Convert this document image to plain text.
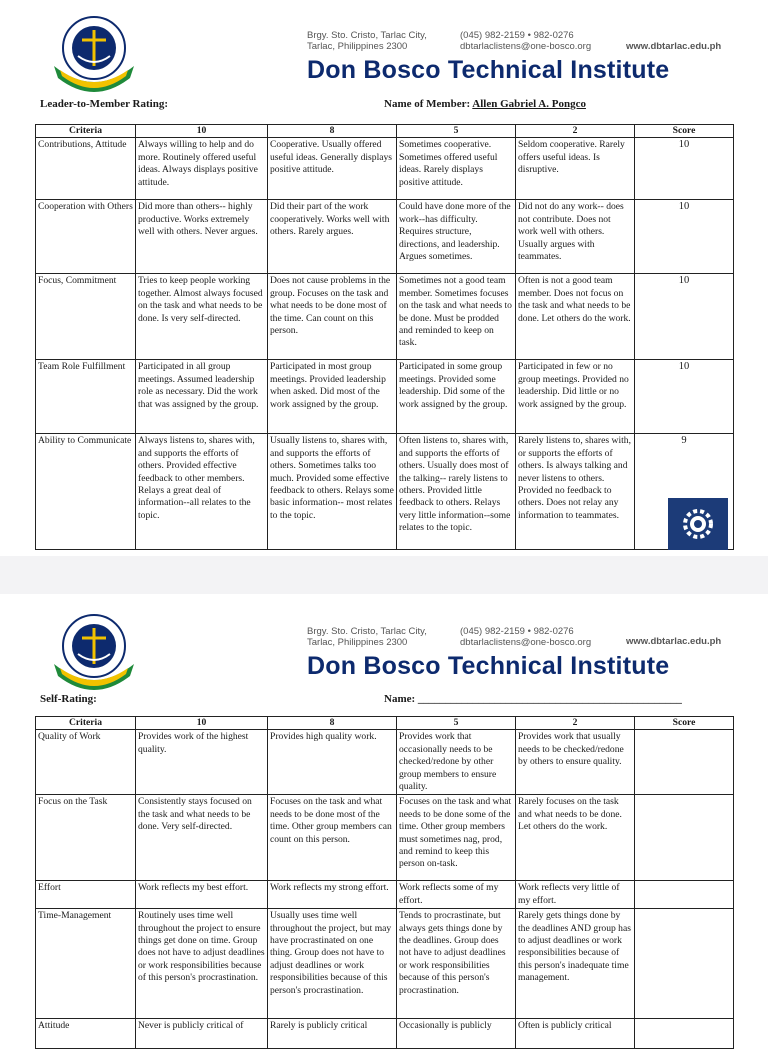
Brgy. Sto. Cristo, Tarlac City,
Tarlac, Philippines 2300
(045) 982-2159 • 982-0276
dbtarlaclistens@one-bosco.org	www.dbtarlac.edu.ph
Don Bosco Technical Institute
Leader-to-Member Rating:	Name of Member: Allen Gabriel A. Pongco
Criteria	10	8	5	2	Score
Contributions, Attitude	Always willing to help and do more. Routinely offered useful ideas. Always displays positive attitude.	Cooperative. Usually offered useful ideas. Generally displays positive attitude.	Sometimes cooperative. Sometimes offered useful ideas. Rarely displays positive attitude.	Seldom cooperative. Rarely offers useful ideas. Is disruptive.	10
Cooperation with Others	Did more than others-- highly productive. Works extremely well with others. Never argues.	Did their part of the work cooperatively. Works well with others. Rarely argues.	Could have done more of the work--has difficulty. Requires structure, directions, and leadership. Argues sometimes.	Did not do any work-- does not contribute. Does not work well with others. Usually argues with teammates.	10
Focus, Commitment	Tries to keep people working together. Almost always focused on the task and what needs to be done. Is very self-directed.	Does not cause problems in the group. Focuses on the task and what needs to be done most of the time. Can count on this person.	Sometimes not a good team member. Sometimes focuses on the task and what needs to be done. Must be prodded and reminded to keep on task.	Often is not a good team member. Does not focus on the task and what needs to be done. Let others do the work.	10
Team Role Fulfillment	Participated in all group meetings. Assumed leadership role as necessary. Did the work that was assigned by the group.	Participated in most group meetings. Provided leadership when asked. Did most of the work assigned by the group.	Participated in some group meetings. Provided some leadership. Did some of the work assigned by the group.	Participated in few or no group meetings. Provided no leadership. Did little or no work assigned by the group.	10
Ability to Communicate	Always listens to, shares with, and supports the efforts of others. Provided effective feedback to other members. Relays a great deal of information--all relates to the topic.	Usually listens to, shares with, and supports the efforts of others. Sometimes talks too much. Provided some effective feedback to others. Relays some basic information-- most relates to the topic.	Often listens to, shares with, and supports the efforts of others. Usually does most of the talking-- rarely listens to others. Provided little feedback to others. Relays very little information--some relates to the topic.	Rarely listens to, shares with, or supports the efforts of others. Is always talking and never listens to others. Provided no feedback to others. Does not relay any information to teammates.	9
Brgy. Sto. Cristo, Tarlac City,
Tarlac, Philippines 2300
(045) 982-2159 • 982-0276
dbtarlaclistens@one-bosco.org	www.dbtarlac.edu.ph
Don Bosco Technical Institute
Self-Rating:	Name: ________________________________________________
Criteria	10	8	5	2	Score
Quality of Work	Provides work of the highest quality.	Provides high quality work.	Provides work that occasionally needs to be checked/redone by other group members to ensure quality.	Provides work that usually needs to be checked/redone by others to ensure quality.	
Focus on the Task	Consistently stays focused on the task and what needs to be done. Very self-directed.	Focuses on the task and what needs to be done most of the time. Other group members can count on this person.	Focuses on the task and what needs to be done some of the time. Other group members must sometimes nag, prod, and remind to keep this person on-task.	Rarely focuses on the task and what needs to be done. Let others do the work.	
Effort	Work reflects my best effort.	Work reflects my strong effort.	Work reflects some of my effort.	Work reflects very little of my effort.	
Time-Management	Routinely uses time well throughout the project to ensure things get done on time. Group does not have to adjust deadlines or work responsibilities because of this person's procrastination.	Usually uses time well throughout the project, but may have procrastinated on one thing. Group does not have to adjust deadlines or work responsibilities because of this person's procrastination.	Tends to procrastinate, but always gets things done by the deadlines. Group does not have to adjust deadlines or work responsibilities because of this person's procrastination.	Rarely gets things done by the deadlines AND group has to adjust deadlines or work responsibilities because of this person's inadequate time management.	
Attitude	Never is publicly critical of	Rarely is publicly critical	Occasionally is publicly	Often is publicly critical	
